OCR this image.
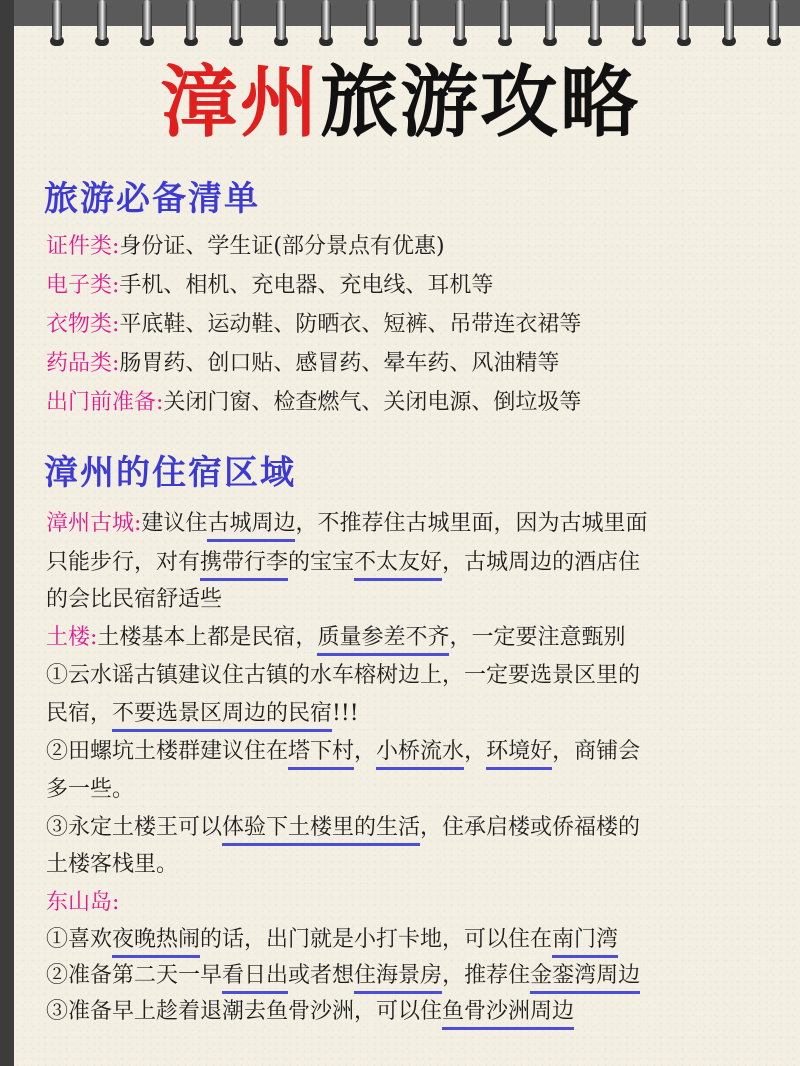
漳州旅游攻略
旅游必备清单
证件类:身份证、学生证(部分景点有优惠)
电子类:手机、相机、充电器、充电线、耳机等
衣物类:平底鞋、运动鞋、防晒衣、短裤、吊带连衣裙等
药品类:肠胃药、创口贴、感冒药、晕车药、风油精等
出门前准备:关闭门窗、检查燃气、关闭电源、倒垃圾等
漳州的住宿区域
漳州古城:建议住古城周边，不推荐住古城里面，因为古城里面
只能步行，对有携带行李的宝宝不太友好，古城周边的酒店住
的会比民宿舒适些
土楼:土楼基本上都是民宿，质量参差不齐，一定要注意甄别
①云水谣古镇建议住古镇的水车榕树边上，一定要选景区里的
民宿，不要选景区周边的民宿!!!
②田螺坑土楼群建议住在塔下村，小桥流水，环境好，商铺会
多一些。
③永定土楼王可以体验下土楼里的生活，住承启楼或侨福楼的
土楼客栈里。
东山岛:
①喜欢夜晚热闹的话，出门就是小打卡地，可以住在南门湾
②准备第二天一早看日出或者想住海景房，推荐住金銮湾周边
③准备早上趁着退潮去鱼骨沙洲，可以住鱼骨沙洲周边
